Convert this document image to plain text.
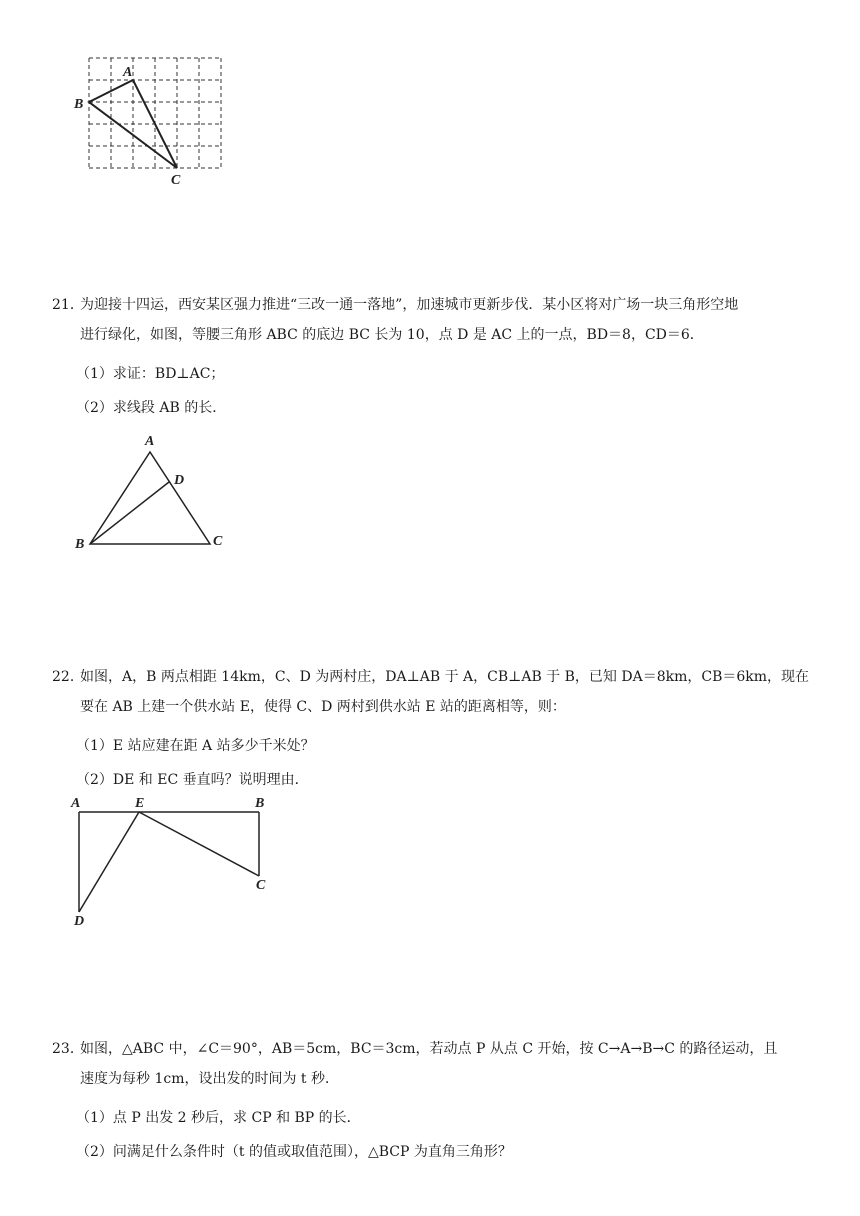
A
B
C
21．为迎接十四运，西安某区强力推进“三改一通一落地”，加速城市更新步伐．某小区将对广场一块三角形空地
进行绿化，如图，等腰三角形 ABC 的底边 BC 长为 10，点 D 是 AC 上的一点，BD＝8，CD＝6．
（1）求证：BD⊥AC；
（2）求线段 AB 的长．
A
D
B	C
22．如图，A，B 两点相距 14km，C、D 为两村庄，DA⊥AB 于 A，CB⊥AB 于 B，已知 DA＝8km，CB＝6km，现在
要在 AB 上建一个供水站 E，使得 C、D 两村到供水站 E 站的距离相等，则：
（1）E 站应建在距 A 站多少千米处？
（2）DE 和 EC 垂直吗？说明理由．
A	E	B
C
D
23．如图，△ABC 中，∠C＝90°，AB＝5cm，BC＝3cm，若动点 P 从点 C 开始，按 C→A→B→C 的路径运动，且
速度为每秒 1cm，设出发的时间为 t 秒．
（1）点 P 出发 2 秒后，求 CP 和 BP 的长．
（2）问满足什么条件时（t 的值或取值范围），△BCP 为直角三角形？
